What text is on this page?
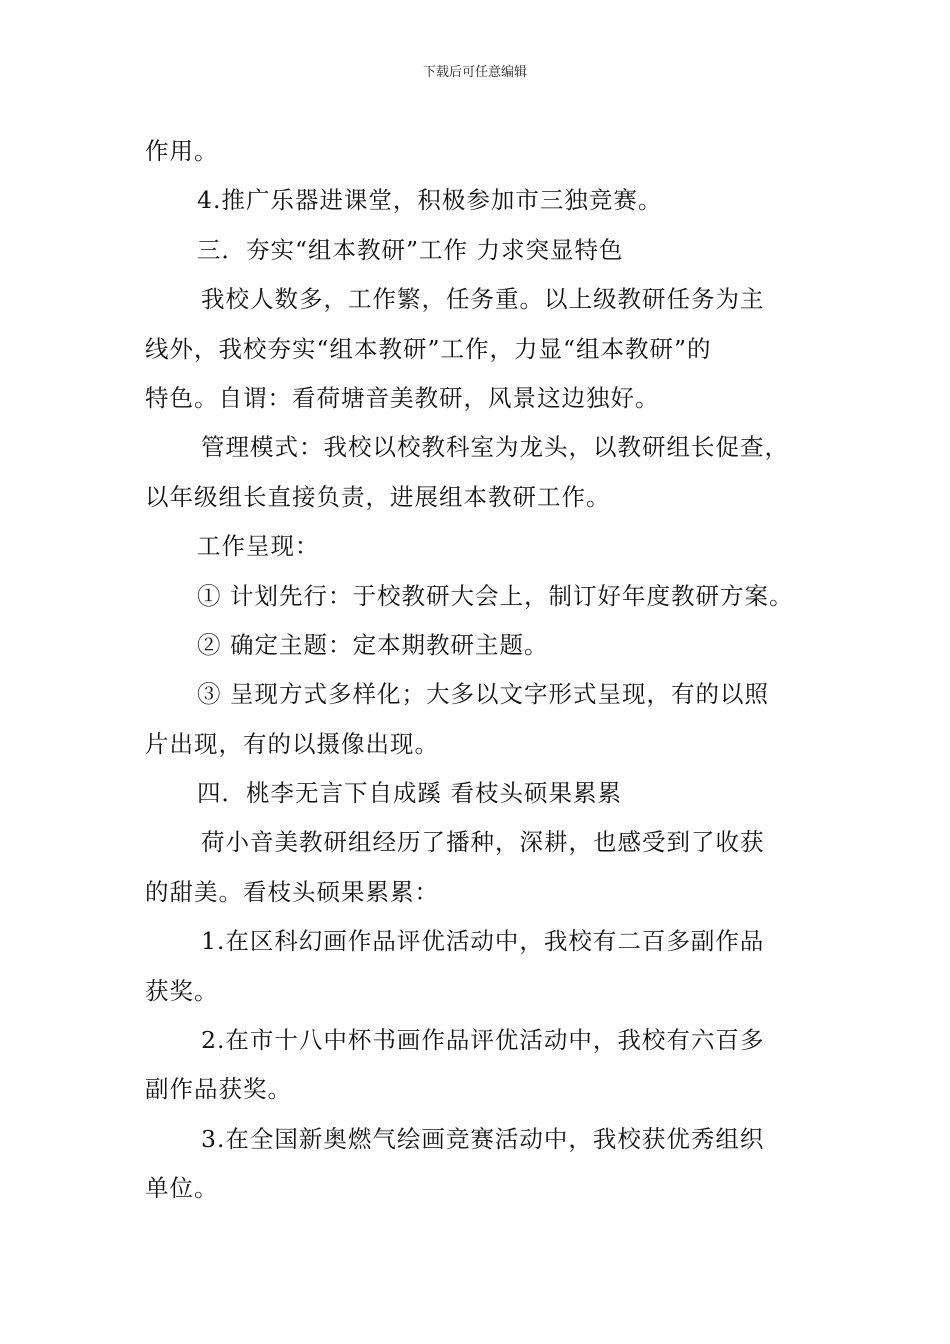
下载后可任意编辑
作用。
4.推广乐器进课堂，积极参加市三独竞赛。
三．夯实“组本教研”工作 力求突显特色
我校人数多，工作繁，任务重。以上级教研任务为主
线外，我校夯实“组本教研”工作，力显“组本教研”的
特色。自谓：看荷塘音美教研，风景这边独好。
管理模式：我校以校教科室为龙头，以教研组长促查，
以年级组长直接负责，进展组本教研工作。
工作呈现：
① 计划先行：于校教研大会上，制订好年度教研方案。
② 确定主题：定本期教研主题。
③ 呈现方式多样化；大多以文字形式呈现，有的以照
片出现，有的以摄像出现。
四．桃李无言下自成蹊 看枝头硕果累累
荷小音美教研组经历了播种，深耕，也感受到了收获
的甜美。看枝头硕果累累：
1.在区科幻画作品评优活动中，我校有二百多副作品
获奖。
2.在市十八中杯书画作品评优活动中，我校有六百多
副作品获奖。
3.在全国新奥燃气绘画竞赛活动中，我校获优秀组织
单位。
